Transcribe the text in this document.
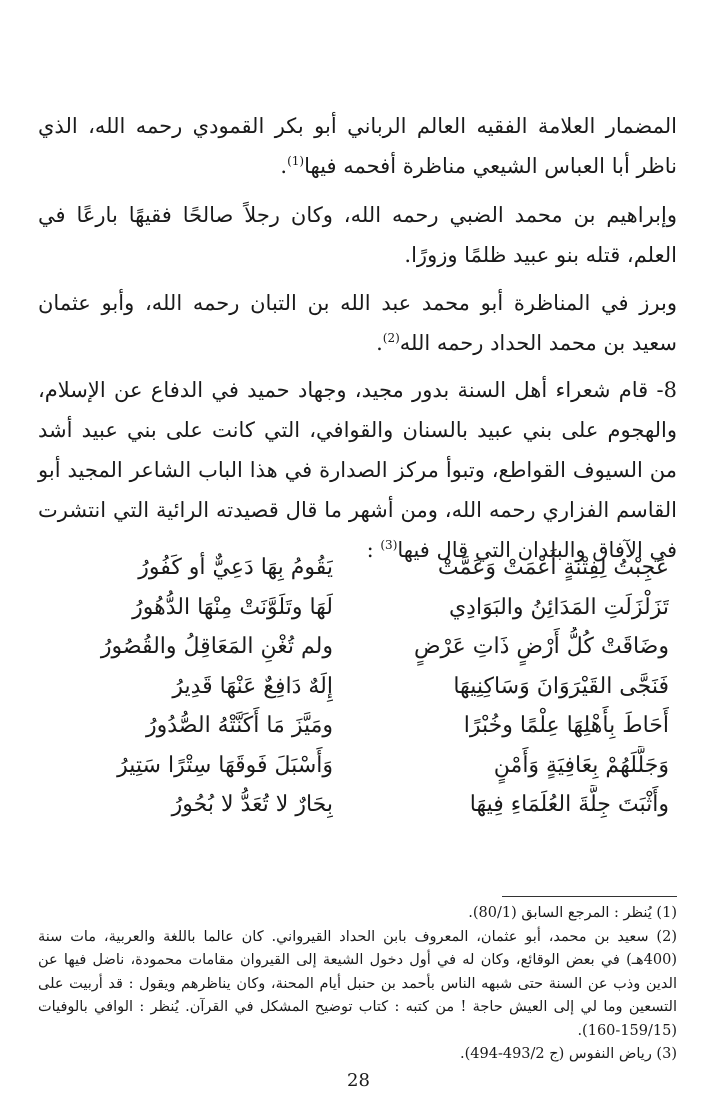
المضمار العلامة الفقيه العالم الرباني أبو بكر القمودي رحمه الله، الذي ناظر أبا العباس الشيعي مناظرة أفحمه فيها$^{(1)}$.

وإبراهيم بن محمد الضبي رحمه الله، وكان رجلاً صالحًا فقيهًا بارعًا في العلم، قتله بنو عبيد ظلمًا وزورًا.

وبرز في المناظرة أبو محمد عبد الله بن التبان رحمه الله، وأبو عثمان سعيد بن محمد الحداد رحمه الله$^{(2)}$.

8- قام شعراء أهل السنة بدور مجيد، وجهاد حميد في الدفاع عن الإسلام، والهجوم على بني عبيد بالسنان والقوافي، التي كانت على بني عبيد أشد من السيوف القواطع، وتبوأ مركز الصدارة في هذا الباب الشاعر المجيد أبو القاسم الفزاري رحمه الله، ومن أشهر ما قال قصيدته الرائية التي انتشرت في الآفاق والبلدان التي قال فيها$^{(3)}$ :

عَجِبْتُ لِفِتْنَةٍ أَعْمَتْ وَعَمَّتْ
يَقُومُ بِهَا دَعِيٌّ أو كَفُورُ
تَزَلْزَلَتِ المَدَائِنُ والبَوَادِي
لَهَا وتَلَوَّنَتْ مِنْهَا الدُّهُورُ
وضَاقَتْ كُلُّ أَرْضٍ ذَاتِ عَرْضٍ
ولم تُغْنِ المَعَاقِلُ والقُصُورُ
فَنَجَّى القَيْرَوَانَ وَسَاكِنِيهَا
إِلَهٌ دَافِعٌ عَنْهَا قَدِيرُ
أَحَاطَ بِأَهْلِهَا عِلْمًا وخُبْرًا
ومَيَّزَ مَا أَكَنَّتْهُ الصُّدُورُ
وَجَلَّلَهُمْ بِعَافِيَةٍ وَأَمْنٍ
وَأَسْبَلَ فَوقَهَا سِتْرًا سَتِيرُ
وأَثْبَتَ جِلَّةَ العُلَمَاءِ فِيهَا
بِحَارٌ لا تُعَدُّ لا بُحُورُ

(1) يُنظر : المرجع السابق (80/1).

(2) سعيد بن محمد، أبو عثمان، المعروف بابن الحداد القيرواني. كان عالما باللغة والعربية، مات سنة (400هـ) في بعض الوقائع، وكان له في أول دخول الشيعة إلى القيروان مقامات محمودة، ناضل فيها عن الدين وذب عن السنة حتى شبهه الناس بأحمد بن حنبل أيام المحنة، وكان يناظرهم ويقول : قد أربيت على التسعين وما لي إلى العيش حاجة ! من كتبه : كتاب توضيح المشكل في القرآن. يُنظر : الوافي بالوفيات (159/15-160).

(3) رياض النفوس (ج 493/2-494).

28
